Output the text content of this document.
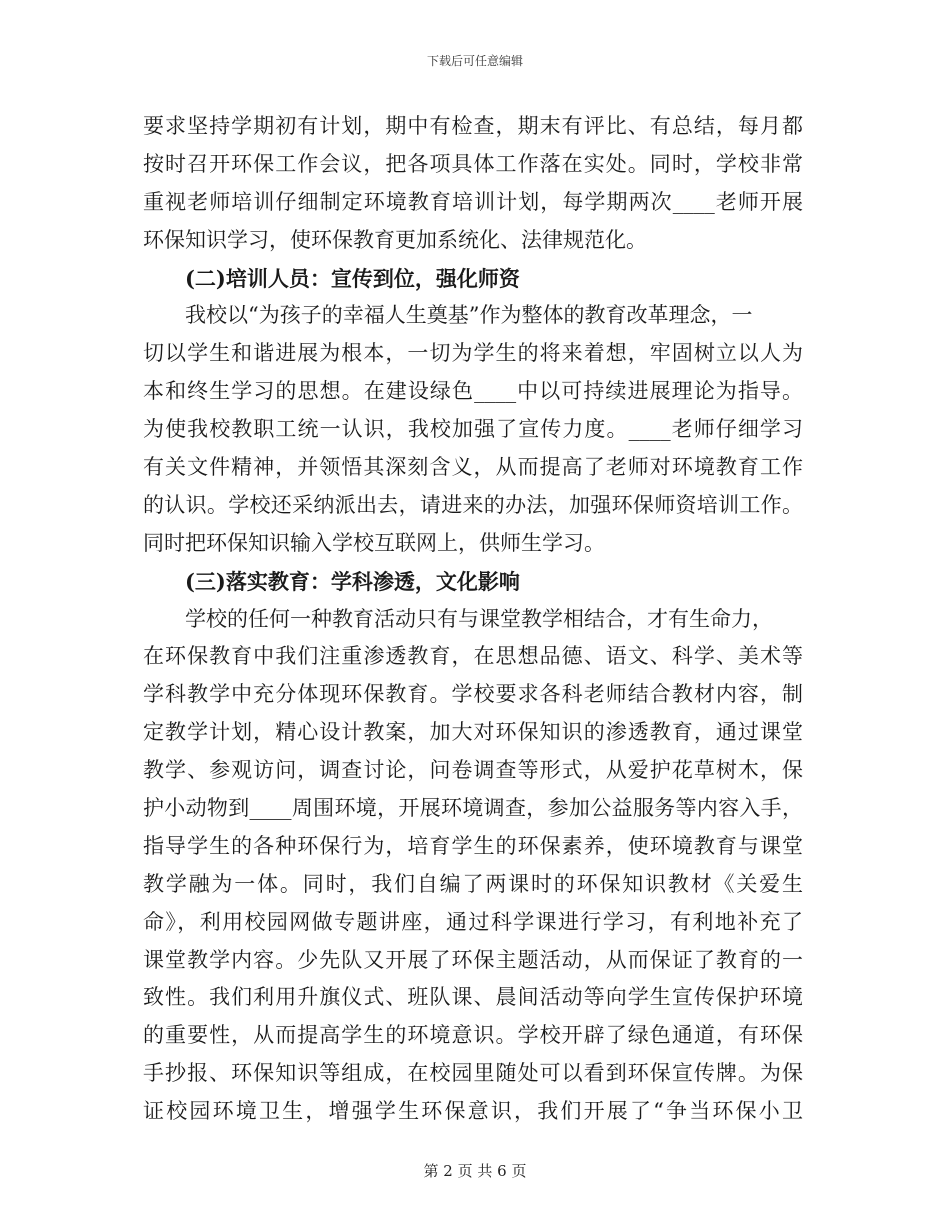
下载后可任意编辑
要求坚持学期初有计划，期中有检查，期末有评比、有总结，每月都
按时召开环保工作会议，把各项具体工作落在实处。同时，学校非常
重视老师培训仔细制定环境教育培训计划，每学期两次____老师开展
环保知识学习，使环保教育更加系统化、法律规范化。
(二)培训人员：宣传到位，强化师资
我校以“为孩子的幸福人生奠基”作为整体的教育改革理念，一
切以学生和谐进展为根本，一切为学生的将来着想，牢固树立以人为
本和终生学习的思想。在建设绿色____中以可持续进展理论为指导。
为使我校教职工统一认识，我校加强了宣传力度。____老师仔细学习
有关文件精神，并领悟其深刻含义，从而提高了老师对环境教育工作
的认识。学校还采纳派出去，请进来的办法，加强环保师资培训工作。
同时把环保知识输入学校互联网上，供师生学习。
(三)落实教育：学科渗透，文化影响
学校的任何一种教育活动只有与课堂教学相结合，才有生命力，
在环保教育中我们注重渗透教育，在思想品德、语文、科学、美术等
学科教学中充分体现环保教育。学校要求各科老师结合教材内容，制
定教学计划，精心设计教案，加大对环保知识的渗透教育，通过课堂
教学、参观访问，调查讨论，问卷调查等形式，从爱护花草树木，保
护小动物到____周围环境，开展环境调查，参加公益服务等内容入手，
指导学生的各种环保行为，培育学生的环保素养，使环境教育与课堂
教学融为一体。同时，我们自编了两课时的环保知识教材《关爱生
命》，利用校园网做专题讲座，通过科学课进行学习，有利地补充了
课堂教学内容。少先队又开展了环保主题活动，从而保证了教育的一
致性。我们利用升旗仪式、班队课、晨间活动等向学生宣传保护环境
的重要性，从而提高学生的环境意识。学校开辟了绿色通道，有环保
手抄报、环保知识等组成，在校园里随处可以看到环保宣传牌。为保
证校园环境卫生，增强学生环保意识，我们开展了“争当环保小卫
第 2 页 共 6 页
